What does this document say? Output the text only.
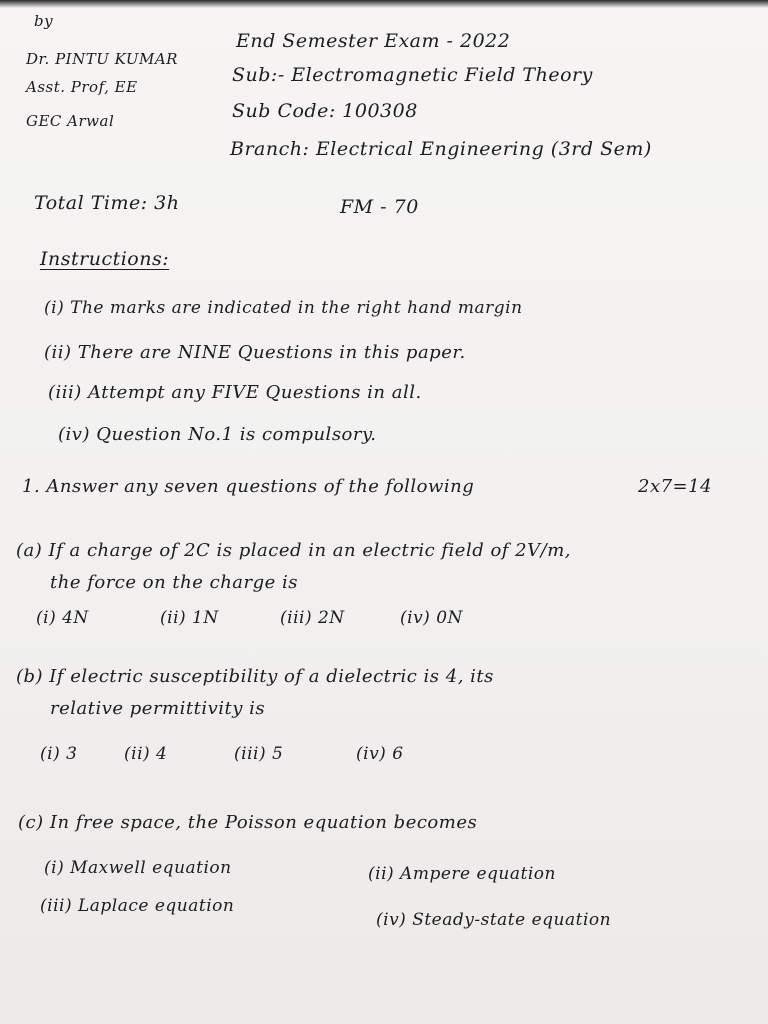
by
Dr. PINTU KUMAR
Asst. Prof, EE
GEC Arwal
End Semester Exam - 2022
Sub:- Electromagnetic Field Theory
Sub Code: 100308
Branch: Electrical Engineering (3rd Sem)
Total Time: 3h	FM - 70
Instructions:
(i) The marks are indicated in the right hand margin
(ii) There are NINE Questions in this paper.
(iii) Attempt any FIVE Questions in all.
(iv) Question No.1 is compulsory.
1. Answer any seven questions of the following	2x7=14
(a) If a charge of 2C is placed in an electric field of 2V/m,
the force on the charge is
(i) 4N	(ii) 1N	(iii) 2N	(iv) 0N
(b) If electric susceptibility of a dielectric is 4, its
relative permittivity is
(i) 3	(ii) 4	(iii) 5	(iv) 6
(c) In free space, the Poisson equation becomes
(i) Maxwell equation	(ii) Ampere equation
(iii) Laplace equation
(iv) Steady-state equation
